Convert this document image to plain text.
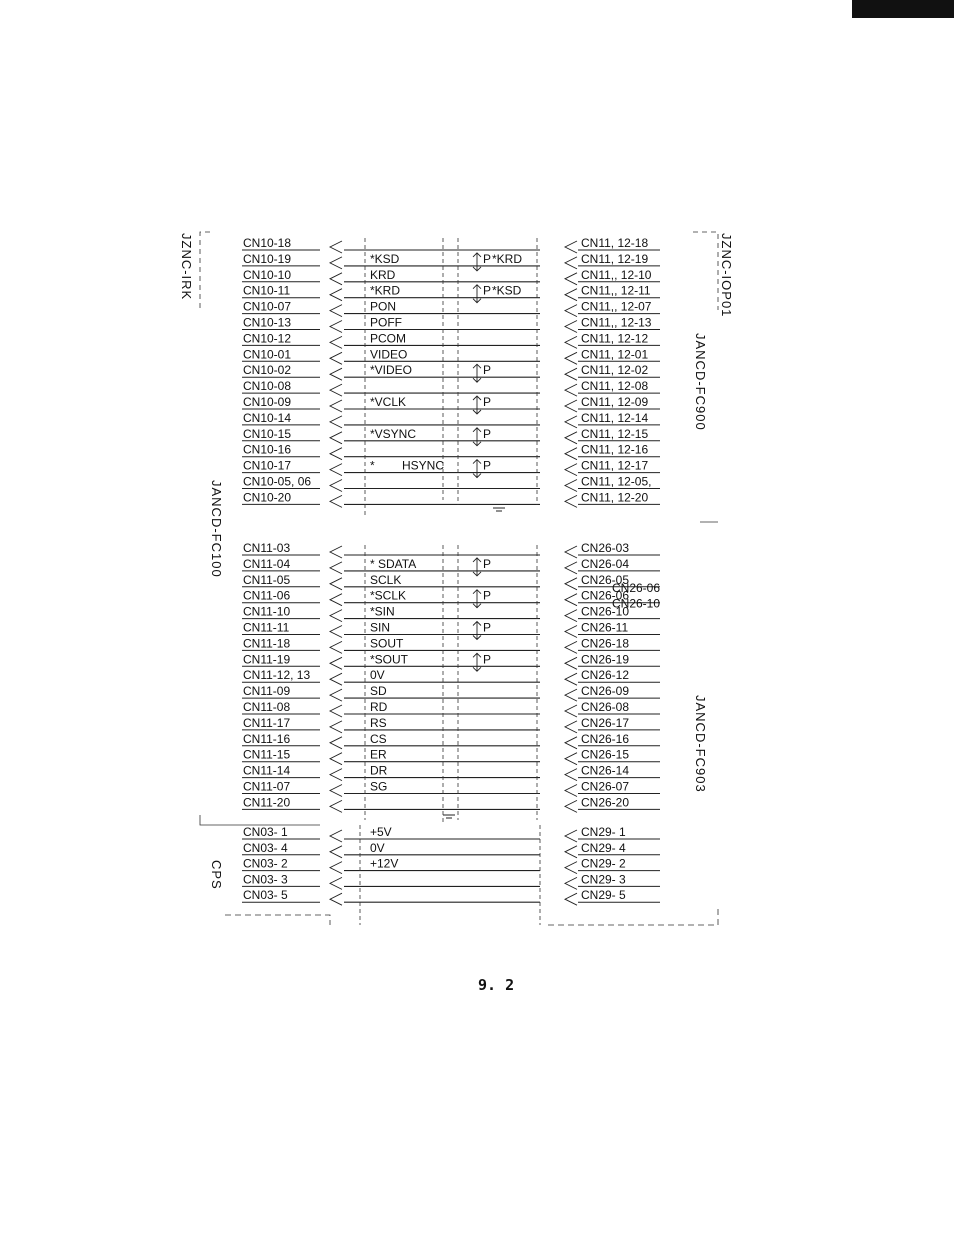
CN10-18
CN10-19
CN10-10
CN10-11
CN10-07
CN10-13
CN10-12
CN10-01
CN10-02
CN10-08
CN10-09
CN10-14
CN10-15
CN10-16
CN10-17
CN10-05, 06
CN10-20
CN11-03
CN11-04
CN11-05
CN11-06
CN11-10
CN11-11
CN11-18
CN11-19
CN11-12, 13
CN11-09
CN11-08
CN11-17
CN11-16
CN11-15
CN11-14
CN11-07
CN11-20
CN03- 1
CN03- 4
CN03- 2
CN03- 3
CN03- 5
CN11, 12-18
CN11, 12-19
CN11,, 12-10
CN11,, 12-11
CN11,, 12-07
CN11,, 12-13
CN11, 12-12
CN11, 12-01
CN11, 12-02
CN11, 12-08
CN11, 12-09
CN11, 12-14
CN11, 12-15
CN11, 12-16
CN11, 12-17
CN11, 12-05,
CN11, 12-20
CN26-03
CN26-04
CN26-05
CN26-06
CN26-10
CN26-11
CN26-18
CN26-19
CN26-12
CN26-09
CN26-08
CN26-17
CN26-16
CN26-15
CN26-14
CN26-07
CN26-20
CN29- 1
CN29- 4
CN29- 2
CN29- 3
CN29- 5
CN26-06
CN26-10
*KSD	*KRD
KRD
*KRD	*KSD
PON
POFF
PCOM
VIDEO
*VIDEO
*VCLK
*VSYNC
* HSYNC
* SDATA
SCLK
*SCLK
*SIN
SIN
SOUT
*SOUT
0V
SD
RD
RS
CS
ER
DR
SG
+5V
0V
+12V
P
P
P
P
P
P
P
P
P
P
JZNC-IRK
JANCD-FC100
CPS
JZNC-IOP01
JANCD-FC900
JANCD-FC903
9. 2
